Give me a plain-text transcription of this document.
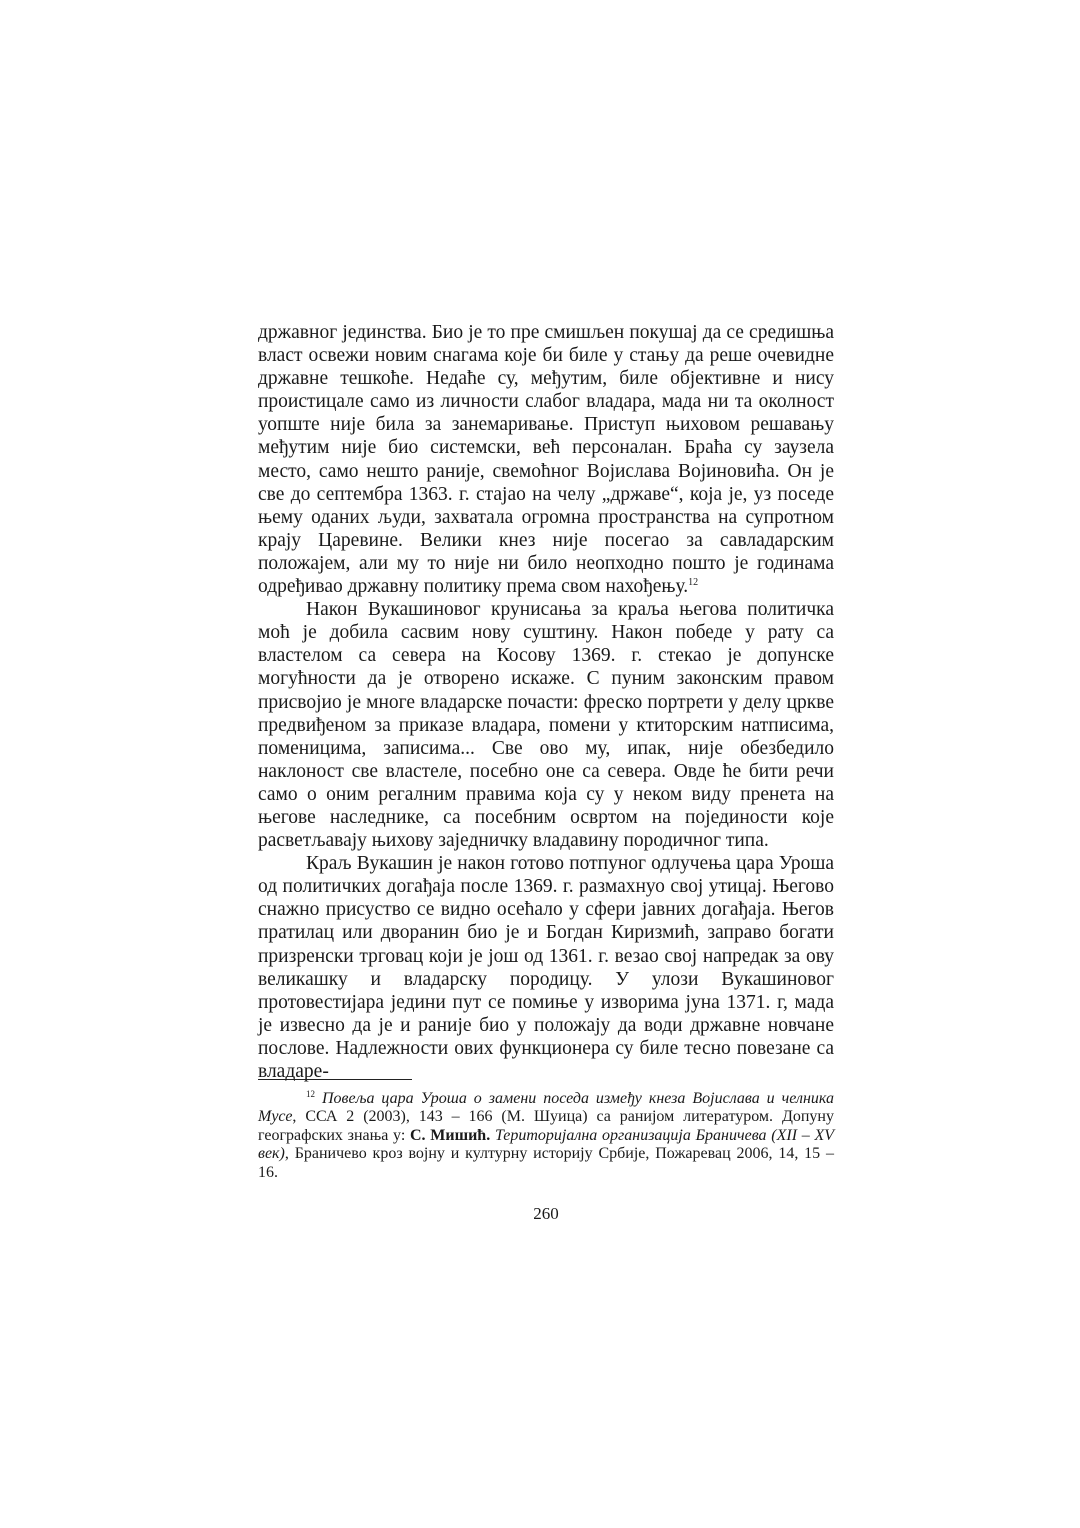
државног јединства. Био је то пре смишљен покушај да се средишња власт освежи новим снагама које би биле у стању да реше очевидне државне тешкоће. Недаће су, међутим, биле објективне и нису проистицале само из личности слабог владара, мада ни та околност уопште није била за занемаривање. Приступ њиховом решавању међутим није био системски, већ персоналан. Браћа су заузела место, само нешто раније, свемоћног Војислава Војиновића. Он је све до септембра 1363. г. стајао на челу „државе“, која је, уз поседе њему оданих људи, захватала огромна пространства на супротном крају Царевине. Велики кнез није посегао за савладарским положајем, али му то није ни било неопходно пошто је годинама одређивао државну политику према свом нахођењу.$^{12}$

Након Вукашиновог крунисања за краља његова политичка моћ је добила сасвим нову суштину. Након победе у рату са властелом са севера на Косову 1369. г. стекао је допунске могућности да је отворено искаже. С пуним законским правом присвојио је многе владарске почасти: фреско портрети у делу цркве предвиђеном за приказе владара, помени у ктиторским натписима, поменицима, записима... Све ово му, ипак, није обезбедило наклоност све властеле, посебно оне са севера. Овде ће бити речи само о оним регалним правима која су у неком виду пренета на његове наследнике, са посебним освртом на појединости које расветљавају њихову заједничку владавину породичног типа.

Краљ Вукашин је након готово потпуног одлучења цара Уроша од политичких догађаја после 1369. г. размахнуо свој утицај. Његово снажно присуство се видно осећало у сфери јавних догађаја. Његов пратилац или дворанин био је и Богдан Киризмић, заправо богати призренски трговац који је још од 1361. г. везао свој напредак за ову великашку и владарску породицу. У улози Вукашиновог протовестијара једини пут се помиње у изворима јуна 1371. г, мада је извесно да је и раније био у положају да води државне новчане послове. Надлежности ових функционера су биле тесно повезане са владаре-

$^{12}$ Повеља цара Уроша о замени поседа између кнеза Војислава и челника Мусе, ССА 2 (2003), 143 – 166 (М. Шуица) са ранијом литературом. Допуну географских знања у: С. Мишић. Територијална организација Браничева (XII – XV век), Браничево кроз војну и културну историју Србије, Пожаревац 2006, 14, 15 – 16.

260
